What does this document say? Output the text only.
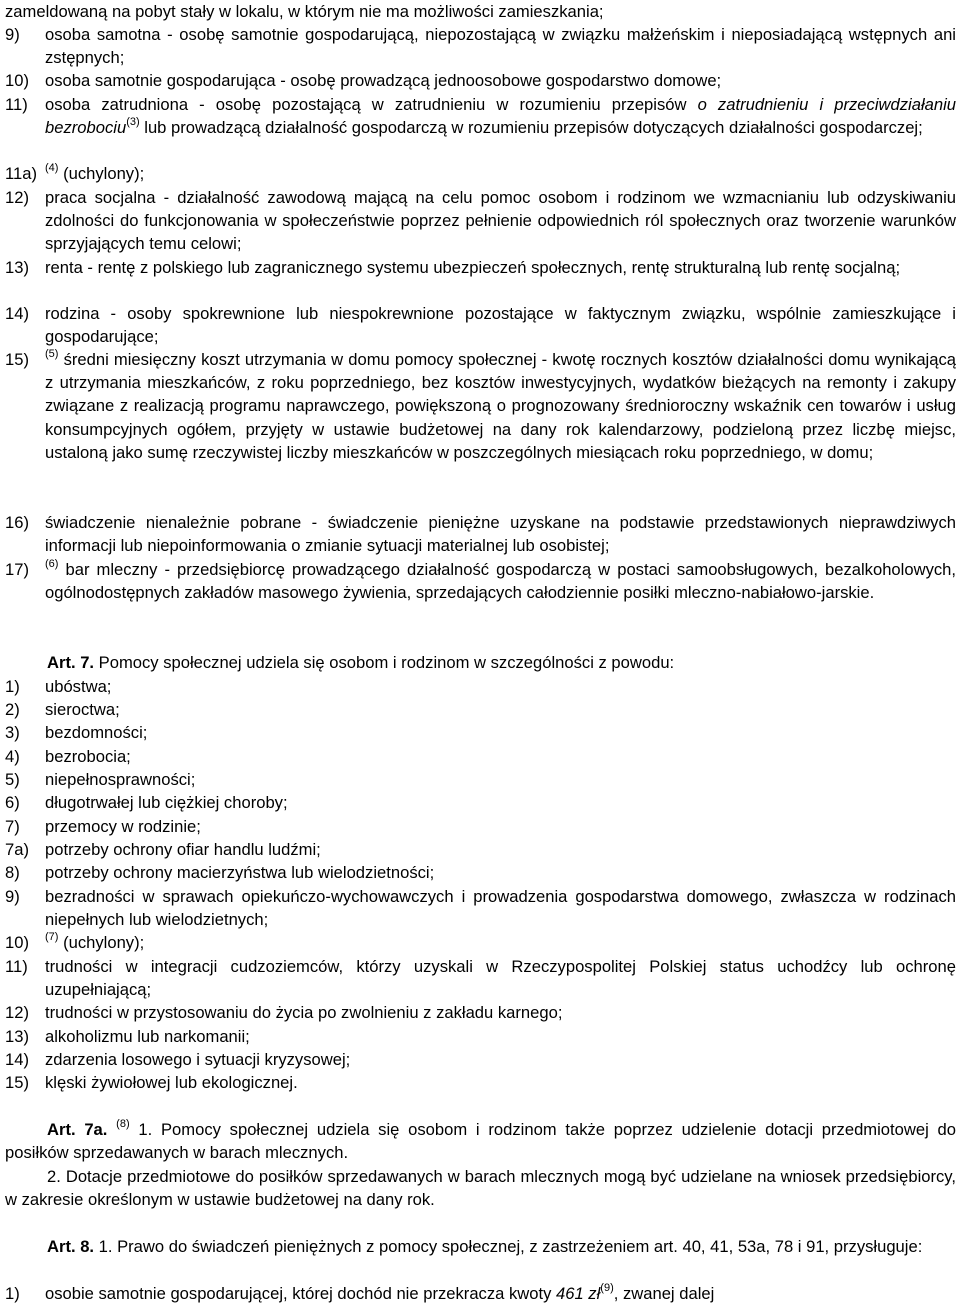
zameldowaną na pobyt stały w lokalu, w którym nie ma możliwości zamieszkania;

9) osoba samotna - osobę samotnie gospodarującą, niepozostającą w związku małżeńskim i nieposiadającą wstępnych ani zstępnych;
10) osoba samotnie gospodarująca - osobę prowadzącą jednoosobowe gospodarstwo domowe;
11) osoba zatrudniona - osobę pozostającą w zatrudnieniu w rozumieniu przepisów o zatrudnieniu i przeciwdziałaniu bezrobociu$^{(3)}$ lub prowadzącą działalność gospodarczą w rozumieniu przepisów dotyczących działalności gospodarczej;
11a) $^{(4)}$ (uchylony);
12) praca socjalna - działalność zawodową mającą na celu pomoc osobom i rodzinom we wzmacnianiu lub odzyskiwaniu zdolności do funkcjonowania w społeczeństwie poprzez pełnienie odpowiednich ról społecznych oraz tworzenie warunków sprzyjających temu celowi;
13) renta - rentę z polskiego lub zagranicznego systemu ubezpieczeń społecznych, rentę strukturalną lub rentę socjalną;
14) rodzina - osoby spokrewnione lub niespokrewnione pozostające w faktycznym związku, wspólnie zamieszkujące i gospodarujące;
15) $^{(5)}$ średni miesięczny koszt utrzymania w domu pomocy społecznej - kwotę rocznych kosztów działalności domu wynikającą z utrzymania mieszkańców, z roku poprzedniego, bez kosztów inwestycyjnych, wydatków bieżących na remonty i zakupy związane z realizacją programu naprawczego, powiększoną o prognozowany średnioroczny wskaźnik cen towarów i usług konsumpcyjnych ogółem, przyjęty w ustawie budżetowej na dany rok kalendarzowy, podzieloną przez liczbę miejsc, ustaloną jako sumę rzeczywistej liczby mieszkańców w poszczególnych miesiącach roku poprzedniego, w domu;
16) świadczenie nienależnie pobrane - świadczenie pieniężne uzyskane na podstawie przedstawionych nieprawdziwych informacji lub niepoinformowania o zmianie sytuacji materialnej lub osobistej;
17) $^{(6)}$ bar mleczny - przedsiębiorcę prowadzącego działalność gospodarczą w postaci samoobsługowych, bezalkoholowych, ogólnodostępnych zakładów masowego żywienia, sprzedających całodziennie posiłki mleczno-nabiałowo-jarskie.

Art. 7. Pomocy społecznej udziela się osobom i rodzinom w szczególności z powodu:

1) ubóstwa;
2) sieroctwa;
3) bezdomności;
4) bezrobocia;
5) niepełnosprawności;
6) długotrwałej lub ciężkiej choroby;
7) przemocy w rodzinie;
7a) potrzeby ochrony ofiar handlu ludźmi;
8) potrzeby ochrony macierzyństwa lub wielodzietności;
9) bezradności w sprawach opiekuńczo-wychowawczych i prowadzenia gospodarstwa domowego, zwłaszcza w rodzinach niepełnych lub wielodzietnych;
10) $^{(7)}$ (uchylony);
11) trudności w integracji cudzoziemców, którzy uzyskali w Rzeczypospolitej Polskiej status uchodźcy lub ochronę uzupełniającą;
12) trudności w przystosowaniu do życia po zwolnieniu z zakładu karnego;
13) alkoholizmu lub narkomanii;
14) zdarzenia losowego i sytuacji kryzysowej;
15) klęski żywiołowej lub ekologicznej.

Art. 7a. $^{(8)}$ 1. Pomocy społecznej udziela się osobom i rodzinom także poprzez udzielenie dotacji przedmiotowej do posiłków sprzedawanych w barach mlecznych.

2. Dotacje przedmiotowe do posiłków sprzedawanych w barach mlecznych mogą być udzielane na wniosek przedsiębiorcy, w zakresie określonym w ustawie budżetowej na dany rok.

Art. 8. 1. Prawo do świadczeń pieniężnych z pomocy społecznej, z zastrzeżeniem art. 40, 41, 53a, 78 i 91, przysługuje:

1) osobie samotnie gospodarującej, której dochód nie przekracza kwoty 461 $zł^{(9)}$, zwanej dalej
